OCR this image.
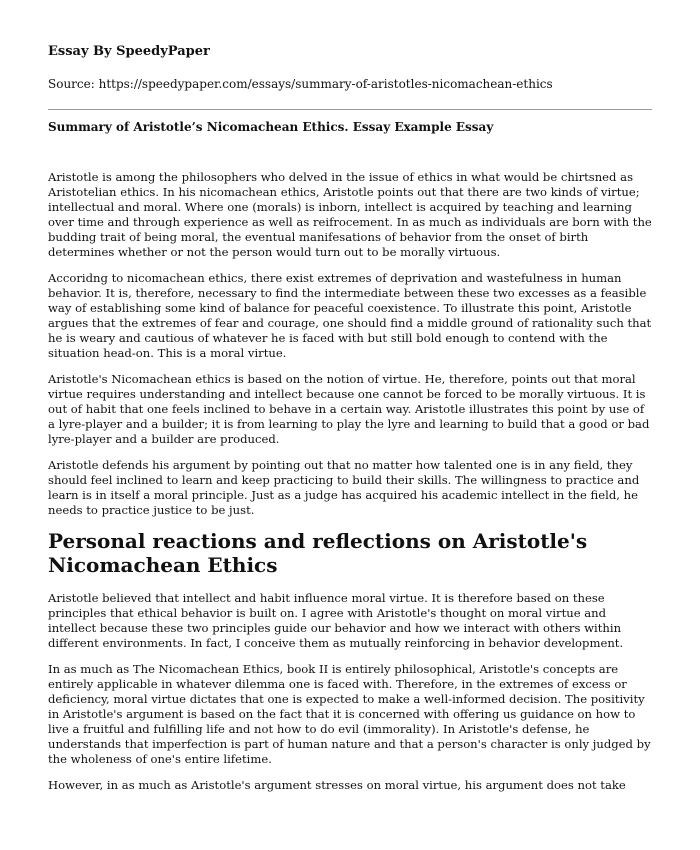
Essay By SpeedyPaper
Source: https://speedypaper.com/essays/summary-of-aristotles-nicomachean-ethics
Summary of Aristotle’s Nicomachean Ethics. Essay Example Essay

Aristotle is among the philosophers who delved in the issue of ethics in what would be chirtsned as Aristotelian ethics. In his nicomachean ethics, Aristotle points out that there are two kinds of virtue; intellectual and moral. Where one (morals) is inborn, intellect is acquired by teaching and learning over time and through experience as well as reifrocement. In as much as individuals are born with the budding trait of being moral, the eventual manifesations of behavior from the onset of birth determines whether or not the person would turn out to be morally virtuous.

Accoridng to nicomachean ethics, there exist extremes of deprivation and wastefulness in human behavior. It is, therefore, necessary to find the intermediate between these two excesses as a feasible way of establishing some kind of balance for peaceful coexistence. To illustrate this point, Aristotle argues that the extremes of fear and courage, one should find a middle ground of rationality such that he is weary and cautious of whatever he is faced with but still bold enough to contend with the situation head-on. This is a moral virtue.

Aristotle's Nicomachean ethics is based on the notion of virtue. He, therefore, points out that moral virtue requires understanding and intellect because one cannot be forced to be morally virtuous. It is out of habit that one feels inclined to behave in a certain way. Aristotle illustrates this point by use of a lyre-player and a builder; it is from learning to play the lyre and learning to build that a good or bad lyre-player and a builder are produced.

Aristotle defends his argument by pointing out that no matter how talented one is in any field, they should feel inclined to learn and keep practicing to build their skills. The willingness to practice and learn is in itself a moral principle. Just as a judge has acquired his academic intellect in the field, he needs to practice justice to be just.

Personal reactions and reflections on Aristotle's Nicomachean Ethics

Aristotle believed that intellect and habit influence moral virtue. It is therefore based on these principles that ethical behavior is built on. I agree with Aristotle's thought on moral virtue and intellect because these two principles guide our behavior and how we interact with others within different environments. In fact, I conceive them as mutually reinforcing in behavior development.

In as much as The Nicomachean Ethics, book II is entirely philosophical, Aristotle's concepts are entirely applicable in whatever dilemma one is faced with. Therefore, in the extremes of excess or deficiency, moral virtue dictates that one is expected to make a well-informed decision. The positivity in Aristotle's argument is based on the fact that it is concerned with offering us guidance on how to live a fruitful and fulfilling life and not how to do evil (immorality). In Aristotle's defense, he understands that imperfection is part of human nature and that a person's character is only judged by the wholeness of one's entire lifetime.

However, in as much as Aristotle's argument stresses on moral virtue, his argument does not take
